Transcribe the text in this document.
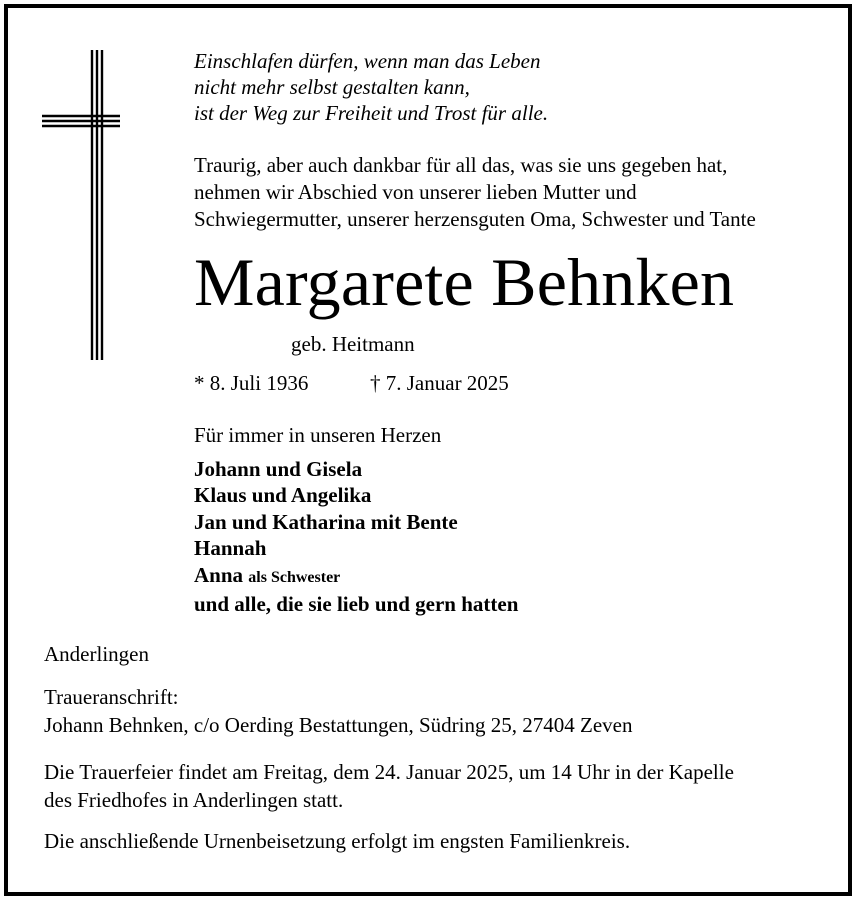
Einschlafen dürfen, wenn man das Leben
nicht mehr selbst gestalten kann,
ist der Weg zur Freiheit und Trost für alle.
Traurig, aber auch dankbar für all das, was sie uns gegeben hat,
nehmen wir Abschied von unserer lieben Mutter und
Schwiegermutter, unserer herzensguten Oma, Schwester und Tante
Margarete Behnken
geb. Heitmann
* 8. Juli 1936	† 7. Januar 2025
Für immer in unseren Herzen
Johann und Gisela
Klaus und Angelika
Jan und Katharina mit Bente
Hannah
Anna als Schwester
und alle, die sie lieb und gern hatten
Anderlingen
Traueranschrift:
Johann Behnken, c/o Oerding Bestattungen, Südring 25, 27404 Zeven
Die Trauerfeier findet am Freitag, dem 24. Januar 2025, um 14 Uhr in der Kapelle
des Friedhofes in Anderlingen statt.
Die anschließende Urnenbeisetzung erfolgt im engsten Familienkreis.
